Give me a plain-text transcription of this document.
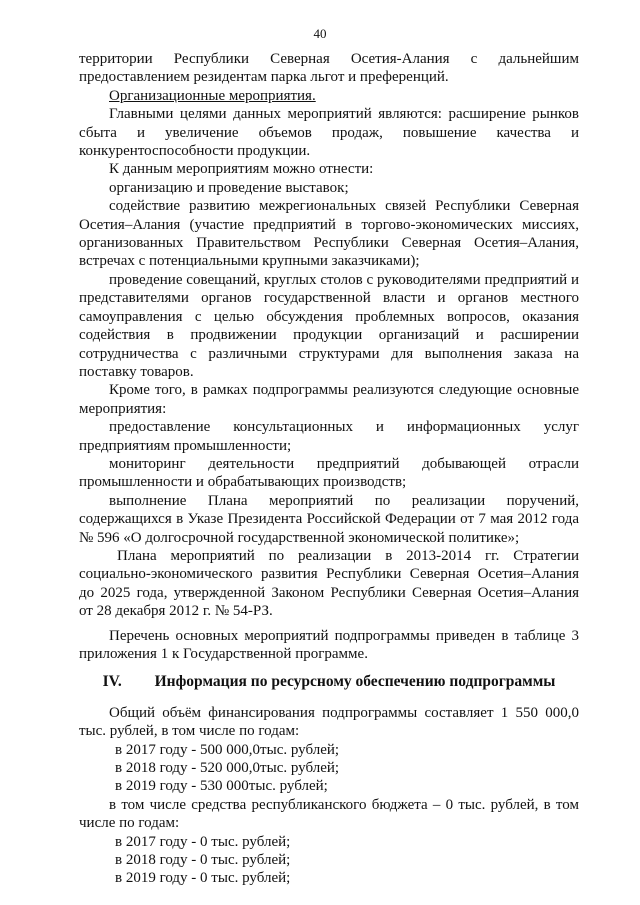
40

территории Республики Северная Осетия-Алания с дальнейшим предоставлением резидентам парка льгот и преференций.

Организационные мероприятия.

Главными целями данных мероприятий являются: расширение рынков сбыта и увеличение объемов продаж, повышение качества и конкурентоспособности продукции.

К данным мероприятиям можно отнести:

организацию и проведение выставок;

содействие развитию межрегиональных связей Республики Северная Осетия–Алания (участие предприятий в торгово-экономических миссиях, организованных Правительством Республики Северная Осетия–Алания, встречах с потенциальными крупными заказчиками);

проведение совещаний, круглых столов с руководителями предприятий и представителями органов государственной власти и органов местного самоуправления с целью обсуждения проблемных вопросов, оказания содействия в продвижении продукции организаций и расширении сотрудничества с различными структурами для выполнения заказа на поставку товаров.

Кроме того, в рамках подпрограммы реализуются следующие основные мероприятия:

предоставление консультационных и информационных услуг предприятиям промышленности;

мониторинг деятельности предприятий добывающей отрасли промышленности и обрабатывающих производств;

выполнение Плана мероприятий по реализации поручений, содержащихся в Указе Президента Российской Федерации от 7 мая 2012 года № 596 «О долгосрочной государственной экономической политике»;

Плана мероприятий по реализации в 2013-2014 гг. Стратегии социально-экономического развития Республики Северная Осетия–Алания до 2025 года, утвержденной Законом Республики Северная Осетия–Алания от 28 декабря 2012 г. № 54-РЗ.

Перечень основных мероприятий подпрограммы приведен в таблице 3 приложения 1 к Государственной программе.

IV. Информация по ресурсному обеспечению подпрограммы

Общий объём финансирования подпрограммы составляет 1 550 000,0 тыс. рублей, в том числе по годам:

в 2017 году - 500 000,0тыс. рублей;

в 2018 году - 520 000,0тыс. рублей;

в 2019 году - 530 000тыс. рублей;

в том числе средства республиканского бюджета – 0 тыс. рублей, в том числе по годам:

в 2017 году - 0 тыс. рублей;

в 2018 году - 0 тыс. рублей;

в 2019 году - 0 тыс. рублей;
